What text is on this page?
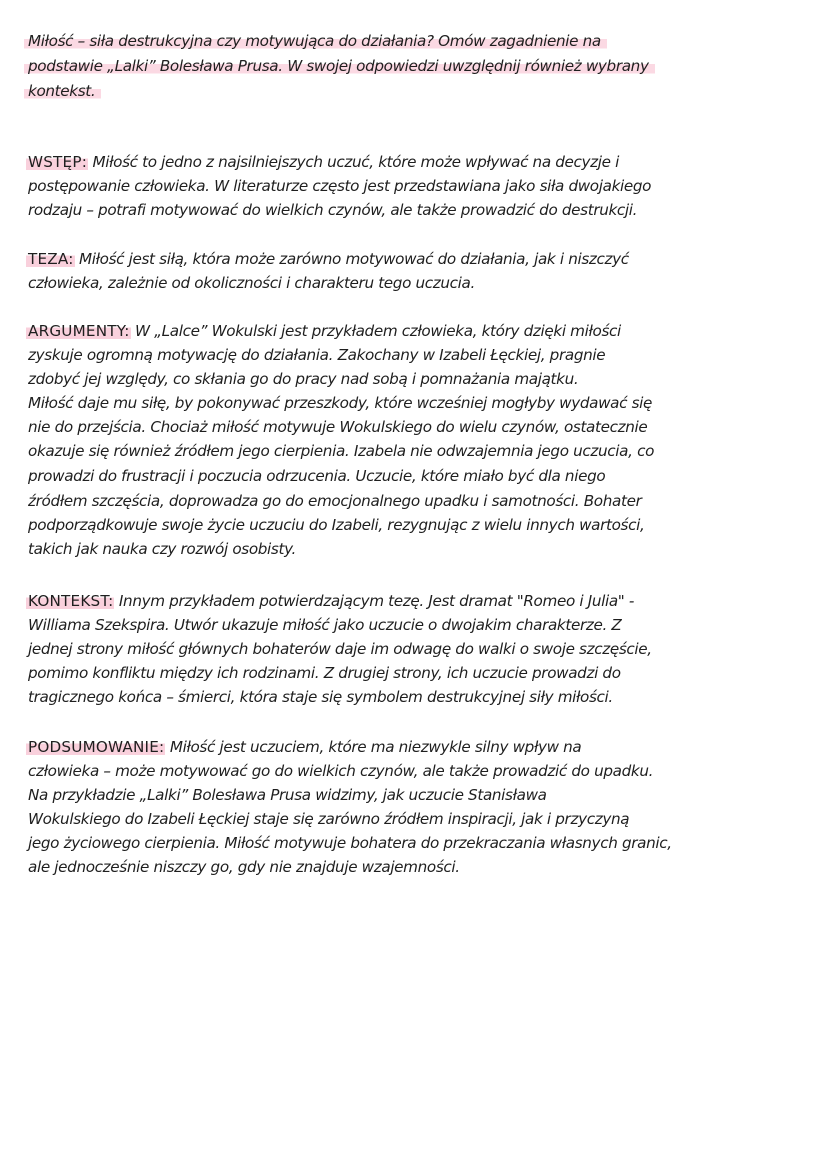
Miłość – siła destrukcyjna czy motywująca do działania? Omów zagadnienie na
podstawie „Lalki” Bolesława Prusa. W swojej odpowiedzi uwzględnij również wybrany
kontekst.
WSTĘP: Miłość to jedno z najsilniejszych uczuć, które może wpływać na decyzje i
postępowanie człowieka. W literaturze często jest przedstawiana jako siła dwojakiego
rodzaju – potrafi motywować do wielkich czynów, ale także prowadzić do destrukcji.
TEZA: Miłość jest siłą, która może zarówno motywować do działania, jak i niszczyć
człowieka, zależnie od okoliczności i charakteru tego uczucia.
ARGUMENTY: W „Lalce” Wokulski jest przykładem człowieka, który dzięki miłości
zyskuje ogromną motywację do działania. Zakochany w Izabeli Łęckiej, pragnie
zdobyć jej względy, co skłania go do pracy nad sobą i pomnażania majątku.
Miłość daje mu siłę, by pokonywać przeszkody, które wcześniej mogłyby wydawać się
nie do przejścia. Chociaż miłość motywuje Wokulskiego do wielu czynów, ostatecznie
okazuje się również źródłem jego cierpienia. Izabela nie odwzajemnia jego uczucia, co
prowadzi do frustracji i poczucia odrzucenia. Uczucie, które miało być dla niego
źródłem szczęścia, doprowadza go do emocjonalnego upadku i samotności. Bohater
podporządkowuje swoje życie uczuciu do Izabeli, rezygnując z wielu innych wartości,
takich jak nauka czy rozwój osobisty.
KONTEKST: Innym przykładem potwierdzającym tezę. Jest dramat "Romeo i Julia" -
Williama Szekspira. Utwór ukazuje miłość jako uczucie o dwojakim charakterze. Z
jednej strony miłość głównych bohaterów daje im odwagę do walki o swoje szczęście,
pomimo konfliktu między ich rodzinami. Z drugiej strony, ich uczucie prowadzi do
tragicznego końca – śmierci, która staje się symbolem destrukcyjnej siły miłości.
PODSUMOWANIE: Miłość jest uczuciem, które ma niezwykle silny wpływ na
człowieka – może motywować go do wielkich czynów, ale także prowadzić do upadku.
Na przykładzie „Lalki” Bolesława Prusa widzimy, jak uczucie Stanisława
Wokulskiego do Izabeli Łęckiej staje się zarówno źródłem inspiracji, jak i przyczyną
jego życiowego cierpienia. Miłość motywuje bohatera do przekraczania własnych granic,
ale jednocześnie niszczy go, gdy nie znajduje wzajemności.
